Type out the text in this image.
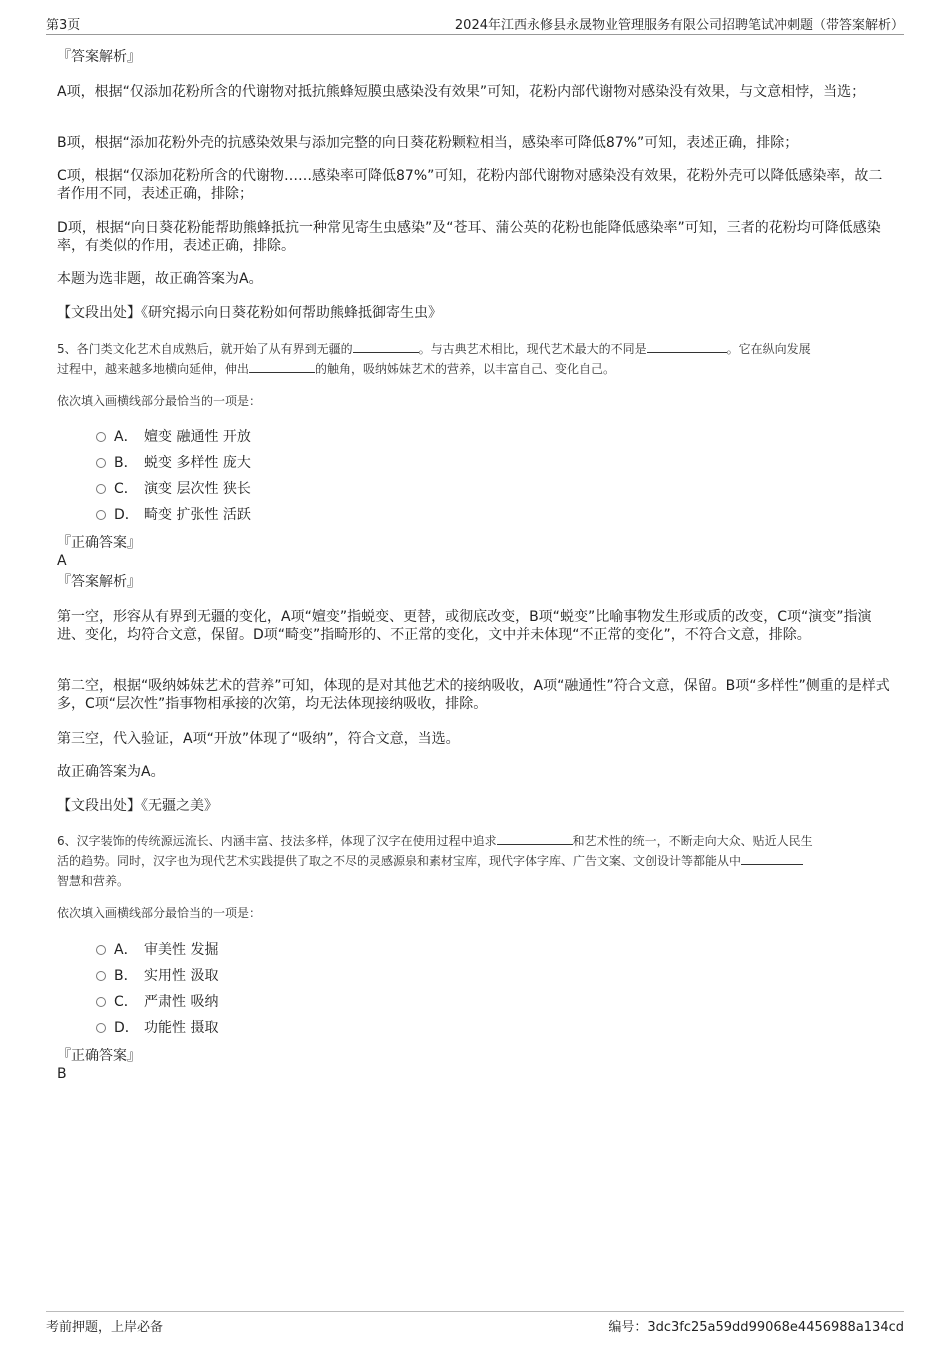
第3页	2024年江西永修县永晟物业管理服务有限公司招聘笔试冲刺题（带答案解析）
『答案解析』
A项，根据“仅添加花粉所含的代谢物对抵抗熊蜂短膜虫感染没有效果”可知，花粉内部代谢物对感染没有效果，与文意相悖，当选；
B项，根据“添加花粉外壳的抗感染效果与添加完整的向日葵花粉颗粒相当，感染率可降低87%”可知，表述正确，排除；
C项，根据“仅添加花粉所含的代谢物……感染率可降低87%”可知，花粉内部代谢物对感染没有效果，花粉外壳可以降低感染率，故二者作用不同，表述正确，排除；
D项，根据“向日葵花粉能帮助熊蜂抵抗一种常见寄生虫感染”及“苍耳、蒲公英的花粉也能降低感染率”可知，三者的花粉均可降低感染率，有类似的作用，表述正确，排除。
本题为选非题，故正确答案为A。
【文段出处】《研究揭示向日葵花粉如何帮助熊蜂抵御寄生虫》
5、各门类文化艺术自成熟后，就开始了从有界到无疆的	。与古典艺术相比，现代艺术最大的不同是	。它在纵向发展
过程中，越来越多地横向延伸，伸出	的触角，吸纳姊妹艺术的营养，以丰富自己、变化自己。
依次填入画横线部分最恰当的一项是：
A． 嬗变 融通性 开放
B． 蜕变 多样性 庞大
C． 演变 层次性 狭长
D． 畸变 扩张性 活跃
『正确答案』
A
『答案解析』
第一空，形容从有界到无疆的变化，A项“嬗变”指蜕变、更替，或彻底改变，B项“蜕变”比喻事物发生形或质的改变，C项“演变”指演进、变化，均符合文意，保留。D项“畸变”指畸形的、不正常的变化，文中并未体现“不正常的变化”，不符合文意，排除。
第二空，根据“吸纳姊妹艺术的营养”可知，体现的是对其他艺术的接纳吸收，A项“融通性”符合文意，保留。B项“多样性”侧重的是样式多，C项“层次性”指事物相承接的次第，均无法体现接纳吸收，排除。
第三空，代入验证，A项“开放”体现了“吸纳”，符合文意，当选。
故正确答案为A。
【文段出处】《无疆之美》
6、汉字装饰的传统源远流长、内涵丰富、技法多样，体现了汉字在使用过程中追求	和艺术性的统一，不断走向大众、贴近人民生
活的趋势。同时，汉字也为现代艺术实践提供了取之不尽的灵感源泉和素材宝库，现代字体字库、广告文案、文创设计等都能从中
智慧和营养。
依次填入画横线部分最恰当的一项是：
A． 审美性 发掘
B． 实用性 汲取
C． 严肃性 吸纳
D． 功能性 摄取
『正确答案』
B
考前押题，上岸必备	编号：3dc3fc25a59dd99068e4456988a134cd
